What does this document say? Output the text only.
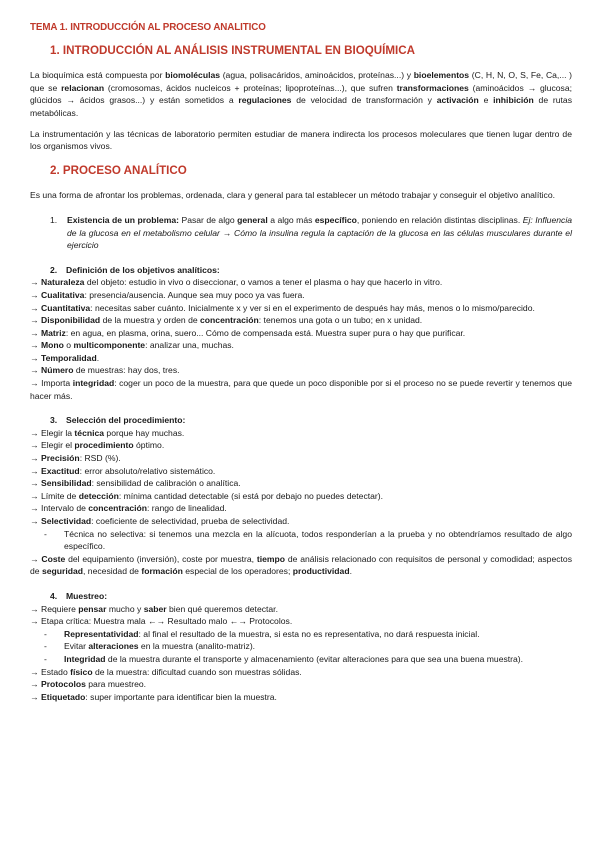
TEMA 1. INTRODUCCIÓN AL PROCESO ANALITICO
1. INTRODUCCIÓN AL ANÁLISIS INSTRUMENTAL EN BIOQUÍMICA

La bioquímica está compuesta por biomoléculas (agua, polisacáridos, aminoácidos, proteínas...) y bioelementos (C, H, N, O, S, Fe, Ca,... ) que se relacionan (cromosomas, ácidos nucleicos + proteínas; lipoproteínas...), que sufren transformaciones (aminoácidos → glucosa; glúcidos → ácidos grasos...) y están sometidos a regulaciones de velocidad de transformación y activación e inhibición de rutas metabólicas.

La instrumentación y las técnicas de laboratorio permiten estudiar de manera indirecta los procesos moleculares que tienen lugar dentro de los organismos vivos.

2. PROCESO ANALÍTICO

Es una forma de afrontar los problemas, ordenada, clara y general para tal establecer un método trabajar y conseguir el objetivo analítico.

1.	Existencia de un problema: Pasar de algo general a algo más específico, poniendo en relación distintas disciplinas. Ej: Influencia de la glucosa en el metabolismo celular → Cómo la insulina regula la captación de la glucosa en las células musculares durante el ejercicio
2.	Definición de los objetivos analíticos:
→ Naturaleza del objeto: estudio in vivo o diseccionar, o vamos a tener el plasma o hay que hacerlo in vitro.
→ Cualitativa: presencia/ausencia. Aunque sea muy poco ya vas fuera.

→ Cuantitativa: necesitas saber cuánto. Inicialmente x y ver si en el experimento de después hay más, menos o lo mismo/parecido.

→ Disponibilidad de la muestra y orden de concentración: tenemos una gota o un tubo; en x unidad.
→ Matriz: en agua, en plasma, orina, suero... Cómo de compensada está. Muestra super pura o hay que purificar.
→ Mono o multicomponente: analizar una, muchas.
→ Temporalidad.
→ Número de muestras: hay dos, tres.

→ Importa integridad: coger un poco de la muestra, para que quede un poco disponible por si el proceso no se puede revertir y tenemos que hacer más.

3.	Selección del procedimiento:
→ Elegir la técnica porque hay muchas.
→ Elegir el procedimiento óptimo.
→ Precisión: RSD (%).
→ Exactitud: error absoluto/relativo sistemático.
→ Sensibilidad: sensibilidad de calibración o analítica.
→ Límite de detección: mínima cantidad detectable (si está por debajo no puedes detectar).
→ Intervalo de concentración: rango de linealidad.
→ Selectividad: coeficiente de selectividad, prueba de selectividad.
-	Técnica no selectiva: si tenemos una mezcla en la alícuota, todos responderían a la prueba y no obtendríamos resultado de algo específico.

→ Coste del equipamiento (inversión), coste por muestra, tiempo de análisis relacionado con requisitos de personal y comodidad; aspectos de seguridad, necesidad de formación especial de los operadores; productividad.

4.	Muestreo:
→ Requiere pensar mucho y saber bien qué queremos detectar.
→ Etapa crítica: Muestra mala ←→ Resultado malo ←→ Protocolos.
-	Representatividad: al final el resultado de la muestra, si esta no es representativa, no dará respuesta inicial.
-	Evitar alteraciones en la muestra (analito-matriz).
-	Integridad de la muestra durante el transporte y almacenamiento (evitar alteraciones para que sea una buena muestra).
→ Estado físico de la muestra: dificultad cuando son muestras sólidas.
→ Protocolos para muestreo.
→ Etiquetado: super importante para identificar bien la muestra.
